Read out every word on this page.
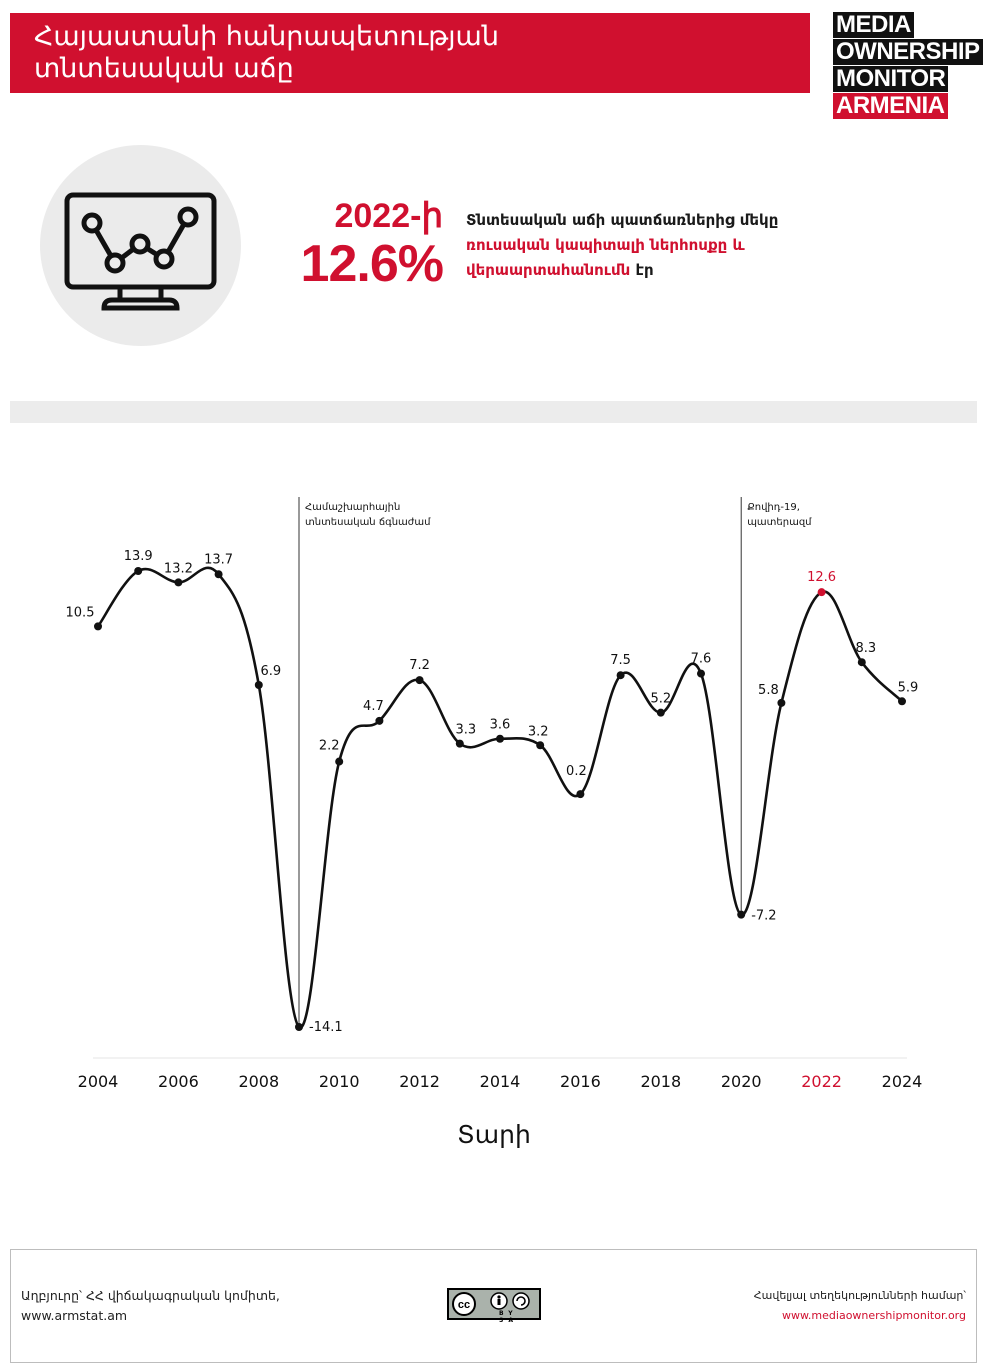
Հայաստանի հանրապետության
տնտեսական աճը
MEDIA
OWNERSHIP
MONITOR
ARMENIA
2022-ի
12.6%
Տնտեսական աճի պատճառներից մեկը ռուսական կապիտալի ներհոսքը և վերաարտահանումն էր
Համաշխարհային
տնտեսական ճգնաժամ
Քովիդ-19,
պատերազմ
10.5
13.9
13.2
13.7
6.9
-14.1
2.2
4.7
7.2
3.3 3.6 3.2
0.2
7.5
5.2
7.6
-7.2
5.8
12.6
8.3
5.9
2004 2006 2008 2010 2012 2014 2016 2018 2020 2022 2024
Տարի
Աղբյուրը՝ ՀՀ վիճակագրական կոմիտե,
www.armstat.am
cc
BY SA
Հավելյալ տեղեկությունների համար՝
www.mediaownershipmonitor.org
